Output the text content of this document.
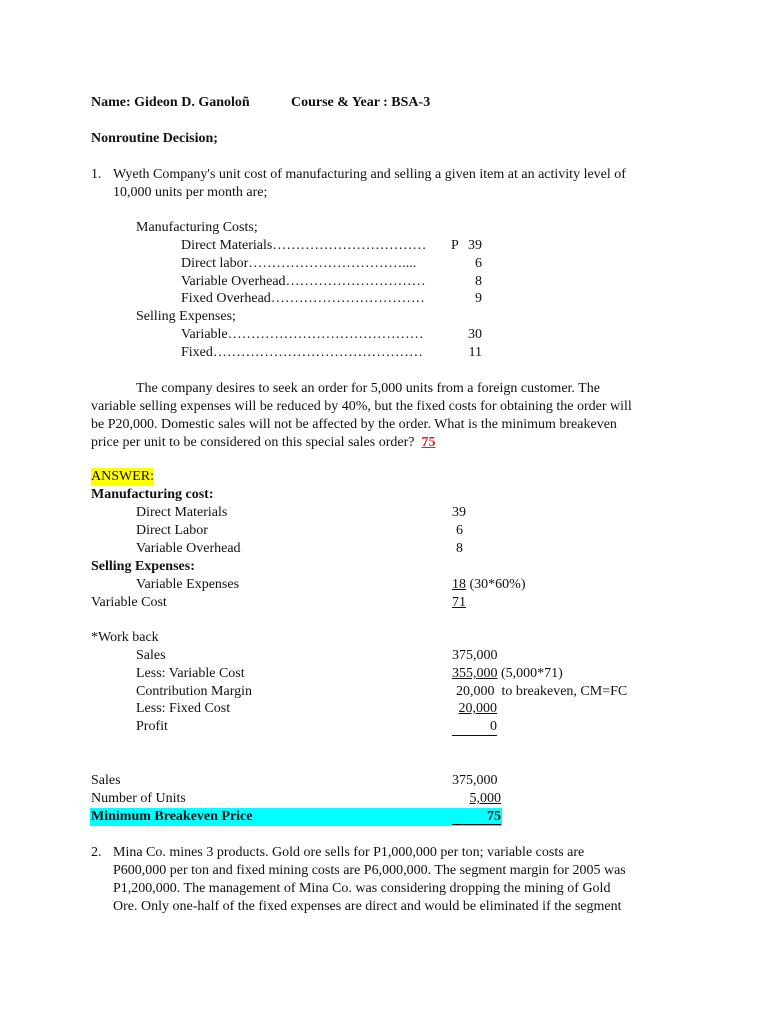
Name: Gideon D. Ganoloñ	Course & Year : BSA-3
Nonroutine Decision;
1. Wyeth Company's unit cost of manufacturing and selling a given item at an activity level of
10,000 units per month are;
Manufacturing Costs;
Direct Materials…………………………… P 39
Direct labor……………………………....	6
Variable Overhead…………………………	8
Fixed Overhead……………………………	9
Selling Expenses;
Variable……………………………………	30
Fixed………………………………………	11
The company desires to seek an order for 5,000 units from a foreign customer. The
variable selling expenses will be reduced by 40%, but the fixed costs for obtaining the order will
be P20,000. Domestic sales will not be affected by the order. What is the minimum breakeven
price per unit to be considered on this special sales order? 75
ANSWER:
Manufacturing cost:
Direct Materials	39
Direct Labor	6
Variable Overhead	8
Selling Expenses:
Variable Expenses	18 (30*60%)
Variable Cost	71
*Work back
Sales	375,000
Less: Variable Cost	355,000 (5,000*71)
Contribution Margin	20,000 to breakeven, CM=FC
Less: Fixed Cost	20,000
Profit	0
Sales	375,000
Number of Units	5,000
Minimum Breakeven Price	75
2. Mina Co. mines 3 products. Gold ore sells for P1,000,000 per ton; variable costs are
P600,000 per ton and fixed mining costs are P6,000,000. The segment margin for 2005 was
P1,200,000. The management of Mina Co. was considering dropping the mining of Gold
Ore. Only one-half of the fixed expenses are direct and would be eliminated if the segment
